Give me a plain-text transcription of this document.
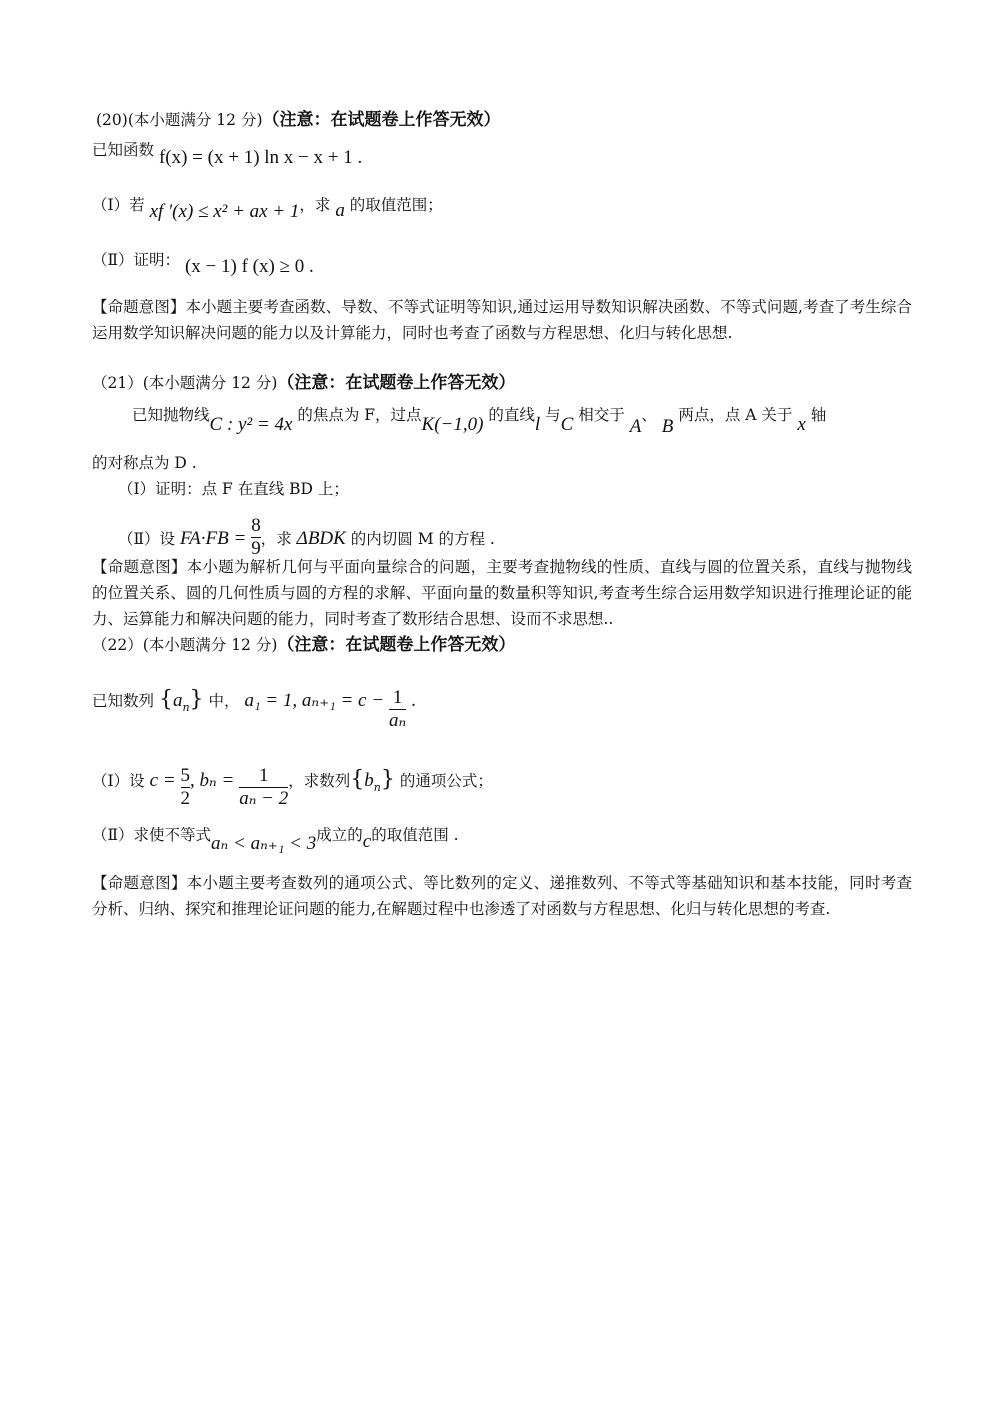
(20)(本小题满分 12 分)（注意：在试题卷上作答无效）
已知函数 f(x) = (x + 1) ln x − x + 1 .
（Ⅰ）若 xf ′(x) ≤ x² + ax + 1，求 a 的取值范围；
（Ⅱ）证明： (x − 1) f (x) ≥ 0 .
【命题意图】本小题主要考查函数、导数、不等式证明等知识,通过运用导数知识解决函数、不等式问题,考查了考生综合运用数学知识解决问题的能力以及计算能力，同时也考查了函数与方程思想、化归与转化思想.
（21）(本小题满分 12 分)（注意：在试题卷上作答无效）
已知抛物线C : y² = 4x 的焦点为 F，过点K(−1,0) 的直线l 与C 相交于 A、 B 两点，点 A 关于 x 轴
的对称点为 D .
（Ⅰ）证明：点 F 在直线 BD 上；
（Ⅱ）设 $FA\cdot FB = \frac{8}{9}$ ，求 ΔBDK 的内切圆 M 的方程 .
【命题意图】本小题为解析几何与平面向量综合的问题，主要考查抛物线的性质、直线与圆的位置关系，直线与抛物线的位置关系、圆的几何性质与圆的方程的求解、平面向量的数量积等知识,考查考生综合运用数学知识进行推理论证的能力、运算能力和解决问题的能力，同时考查了数形结合思想、设而不求思想..
（22）(本小题满分 12 分)（注意：在试题卷上作答无效）
已知数列 $\{a_n\}$ 中， a₁ = 1, $a_{n+1} = c - \frac{1}{\text{aₙ}}$ .
（Ⅰ）设 $c = \frac{5}{2}$ , $b_n = \frac{1}{\text{aₙ − 2}}$ ，求数列$\{b_n\}$ 的通项公式；
（Ⅱ）求使不等式aₙ < aₙ₊₁ < 3成立的c的取值范围 .
【命题意图】本小题主要考查数列的通项公式、等比数列的定义、递推数列、不等式等基础知识和基本技能，同时考查分析、归纳、探究和推理论证问题的能力,在解题过程中也渗透了对函数与方程思想、化归与转化思想的考查.
